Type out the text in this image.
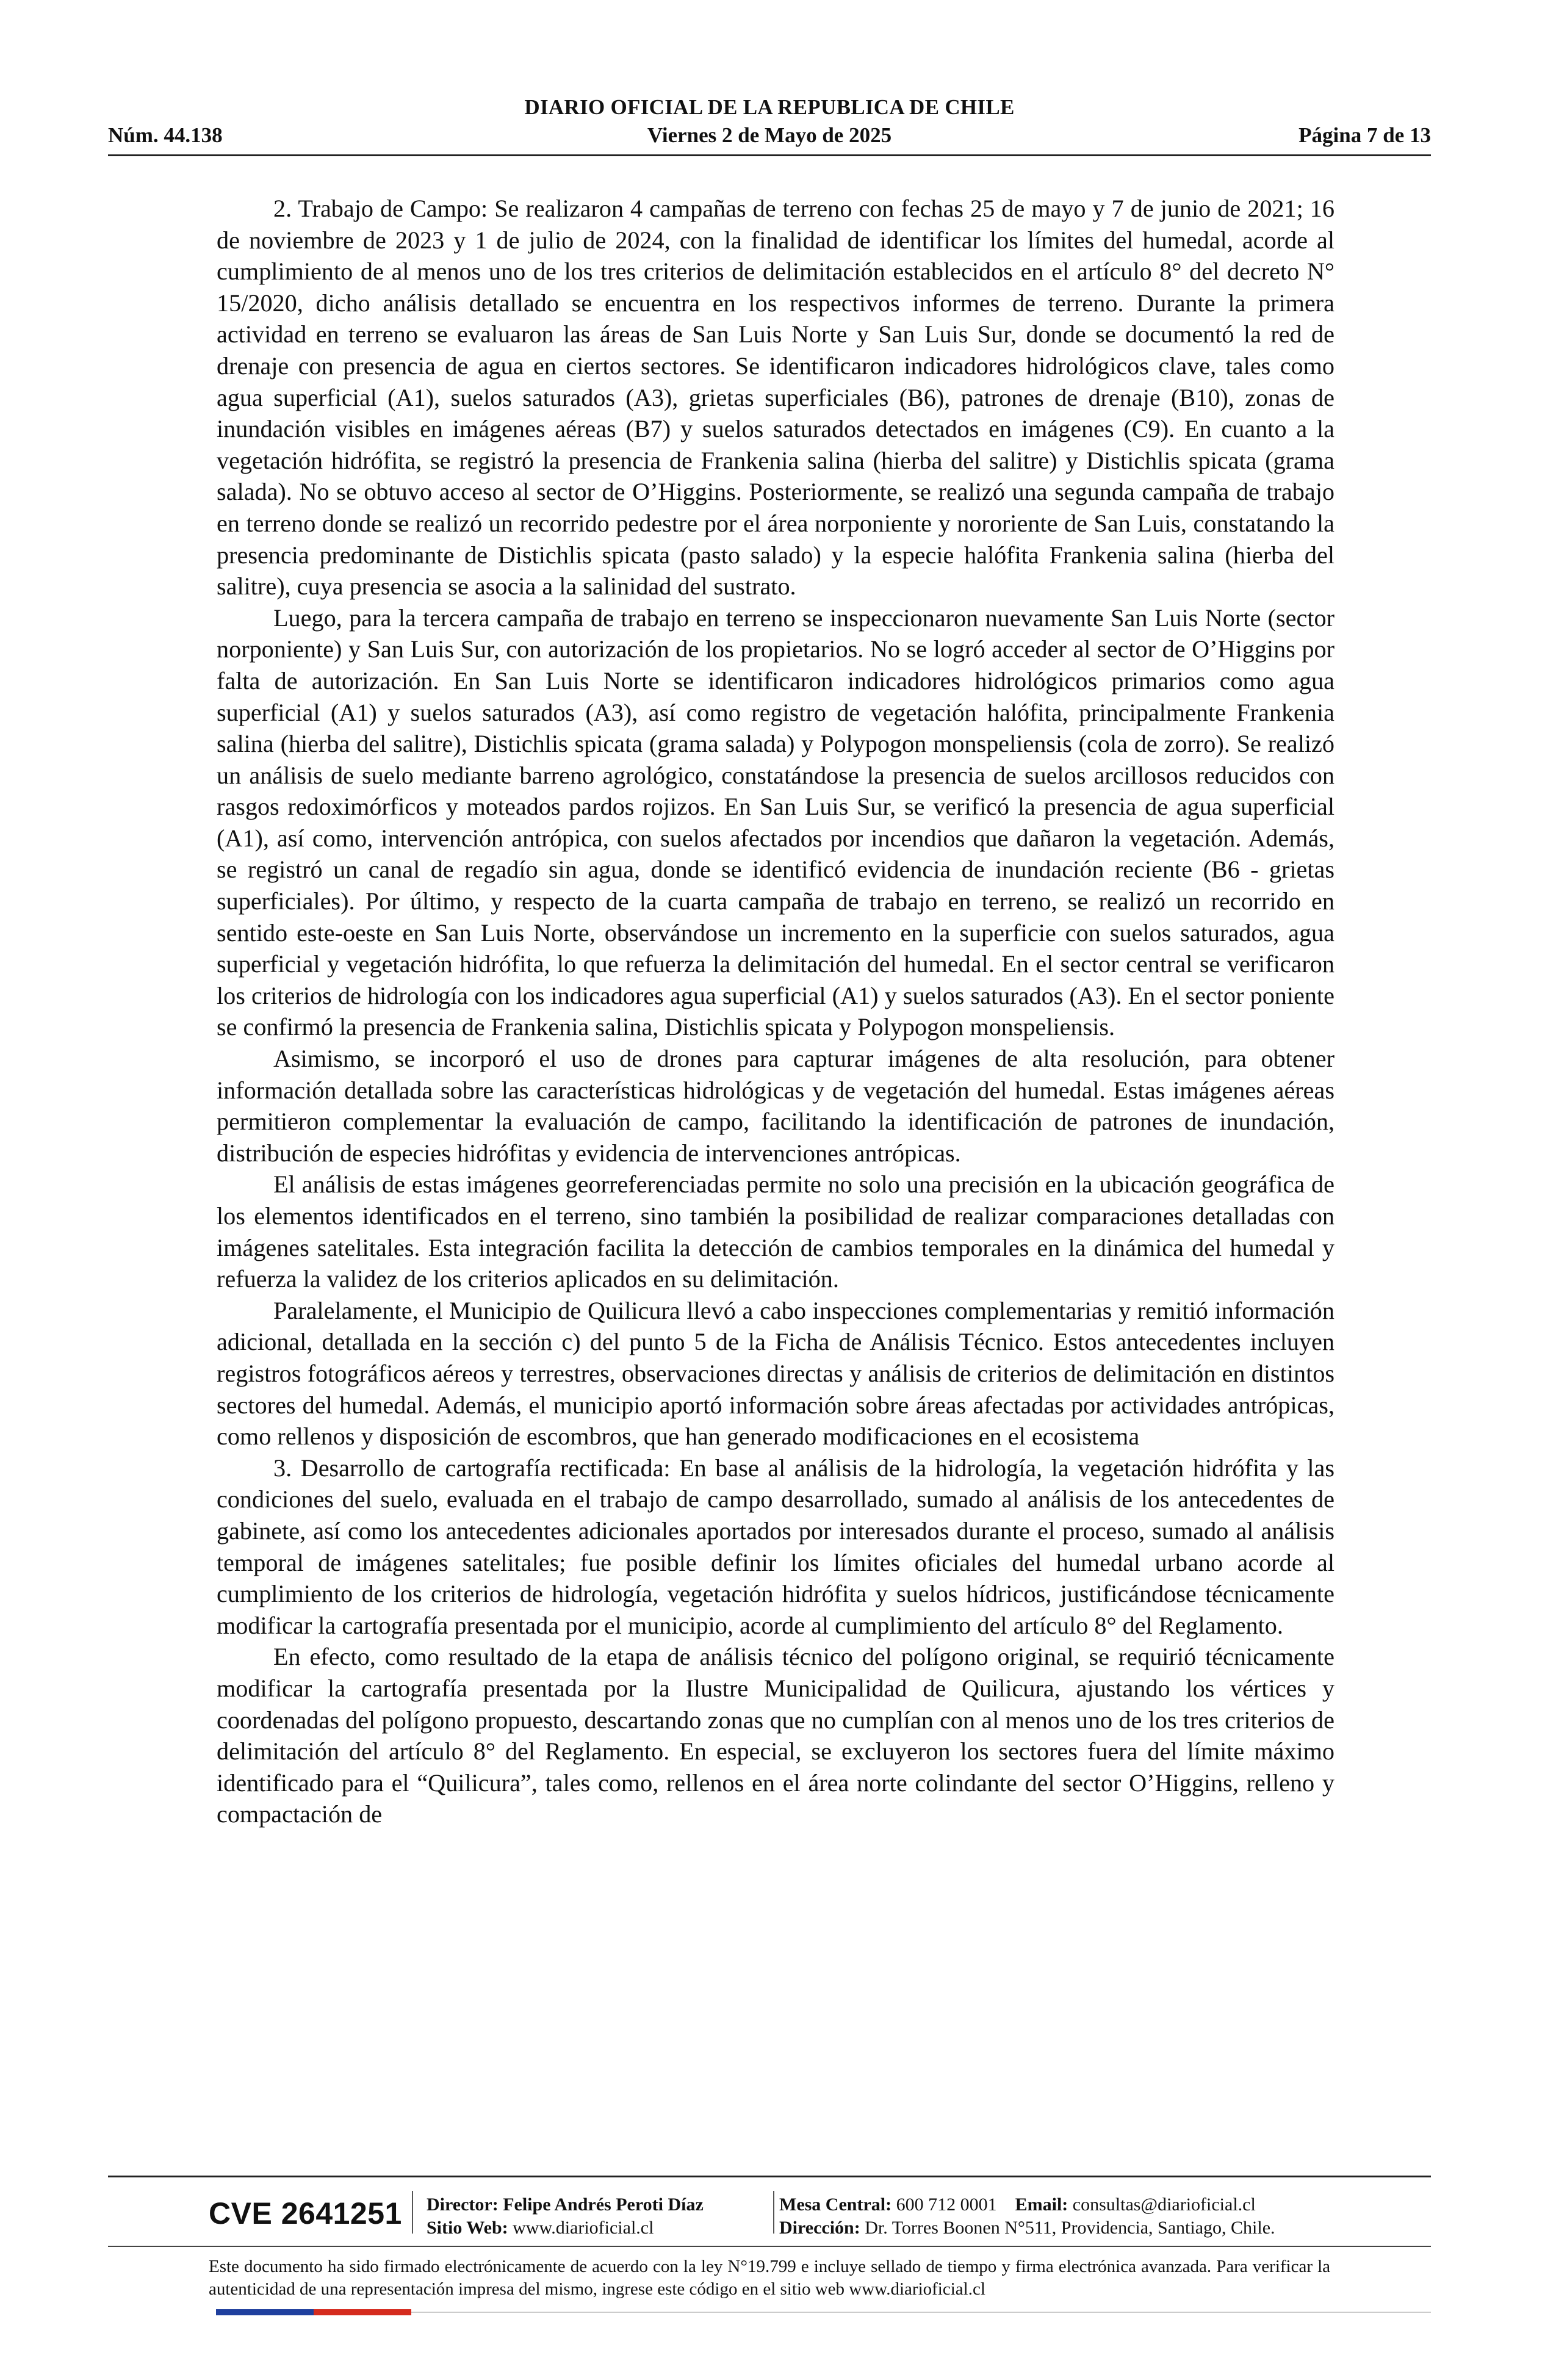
DIARIO OFICIAL DE LA REPUBLICA DE CHILE
Núm. 44.138	Viernes 2 de Mayo de 2025	Página 7 de 13

2. Trabajo de Campo: Se realizaron 4 campañas de terreno con fechas 25 de mayo y 7 de junio de 2021; 16 de noviembre de 2023 y 1 de julio de 2024, con la finalidad de identificar los límites del humedal, acorde al cumplimiento de al menos uno de los tres criterios de delimitación establecidos en el artículo 8° del decreto N° 15/2020, dicho análisis detallado se encuentra en los respectivos informes de terreno. Durante la primera actividad en terreno se evaluaron las áreas de San Luis Norte y San Luis Sur, donde se documentó la red de drenaje con presencia de agua en ciertos sectores. Se identificaron indicadores hidrológicos clave, tales como agua superficial (A1), suelos saturados (A3), grietas superficiales (B6), patrones de drenaje (B10), zonas de inundación visibles en imágenes aéreas (B7) y suelos saturados detectados en imágenes (C9). En cuanto a la vegetación hidrófita, se registró la presencia de Frankenia salina (hierba del salitre) y Distichlis spicata (grama salada). No se obtuvo acceso al sector de O’Higgins. Posteriormente, se realizó una segunda campaña de trabajo en terreno donde se realizó un recorrido pedestre por el área norponiente y nororiente de San Luis, constatando la presencia predominante de Distichlis spicata (pasto salado) y la especie halófita Frankenia salina (hierba del salitre), cuya presencia se asocia a la salinidad del sustrato.

Luego, para la tercera campaña de trabajo en terreno se inspeccionaron nuevamente San Luis Norte (sector norponiente) y San Luis Sur, con autorización de los propietarios. No se logró acceder al sector de O’Higgins por falta de autorización. En San Luis Norte se identificaron indicadores hidrológicos primarios como agua superficial (A1) y suelos saturados (A3), así como registro de vegetación halófita, principalmente Frankenia salina (hierba del salitre), Distichlis spicata (grama salada) y Polypogon monspeliensis (cola de zorro). Se realizó un análisis de suelo mediante barreno agrológico, constatándose la presencia de suelos arcillosos reducidos con rasgos redoximórficos y moteados pardos rojizos. En San Luis Sur, se verificó la presencia de agua superficial (A1), así como, intervención antrópica, con suelos afectados por incendios que dañaron la vegetación. Además, se registró un canal de regadío sin agua, donde se identificó evidencia de inundación reciente (B6 - grietas superficiales). Por último, y respecto de la cuarta campaña de trabajo en terreno, se realizó un recorrido en sentido este-oeste en San Luis Norte, observándose un incremento en la superficie con suelos saturados, agua superficial y vegetación hidrófita, lo que refuerza la delimitación del humedal. En el sector central se verificaron los criterios de hidrología con los indicadores agua superficial (A1) y suelos saturados (A3). En el sector poniente se confirmó la presencia de Frankenia salina, Distichlis spicata y Polypogon monspeliensis.

Asimismo, se incorporó el uso de drones para capturar imágenes de alta resolución, para obtener información detallada sobre las características hidrológicas y de vegetación del humedal. Estas imágenes aéreas permitieron complementar la evaluación de campo, facilitando la identificación de patrones de inundación, distribución de especies hidrófitas y evidencia de intervenciones antrópicas.

El análisis de estas imágenes georreferenciadas permite no solo una precisión en la ubicación geográfica de los elementos identificados en el terreno, sino también la posibilidad de realizar comparaciones detalladas con imágenes satelitales. Esta integración facilita la detección de cambios temporales en la dinámica del humedal y refuerza la validez de los criterios aplicados en su delimitación.

Paralelamente, el Municipio de Quilicura llevó a cabo inspecciones complementarias y remitió información adicional, detallada en la sección c) del punto 5 de la Ficha de Análisis Técnico. Estos antecedentes incluyen registros fotográficos aéreos y terrestres, observaciones directas y análisis de criterios de delimitación en distintos sectores del humedal. Además, el municipio aportó información sobre áreas afectadas por actividades antrópicas, como rellenos y disposición de escombros, que han generado modificaciones en el ecosistema

3. Desarrollo de cartografía rectificada: En base al análisis de la hidrología, la vegetación hidrófita y las condiciones del suelo, evaluada en el trabajo de campo desarrollado, sumado al análisis de los antecedentes de gabinete, así como los antecedentes adicionales aportados por interesados durante el proceso, sumado al análisis temporal de imágenes satelitales; fue posible definir los límites oficiales del humedal urbano acorde al cumplimiento de los criterios de hidrología, vegetación hidrófita y suelos hídricos, justificándose técnicamente modificar la cartografía presentada por el municipio, acorde al cumplimiento del artículo 8° del Reglamento.

En efecto, como resultado de la etapa de análisis técnico del polígono original, se requirió técnicamente modificar la cartografía presentada por la Ilustre Municipalidad de Quilicura, ajustando los vértices y coordenadas del polígono propuesto, descartando zonas que no cumplían con al menos uno de los tres criterios de delimitación del artículo 8° del Reglamento. En especial, se excluyeron los sectores fuera del límite máximo identificado para el “Quilicura”, tales como, rellenos en el área norte colindante del sector O’Higgins, relleno y compactación de

CVE 2641251 Director: Felipe Andrés Peroti Díaz
Sitio Web: www.diarioficial.cl
Mesa Central: 600 712 0001 Email: consultas@diarioficial.cl
Dirección: Dr. Torres Boonen N°511, Providencia, Santiago, Chile.
Este documento ha sido firmado electrónicamente de acuerdo con la ley N°19.799 e incluye sellado de tiempo y firma electrónica avanzada. Para verificar la autenticidad de una representación impresa del mismo, ingrese este código en el sitio web www.diarioficial.cl
